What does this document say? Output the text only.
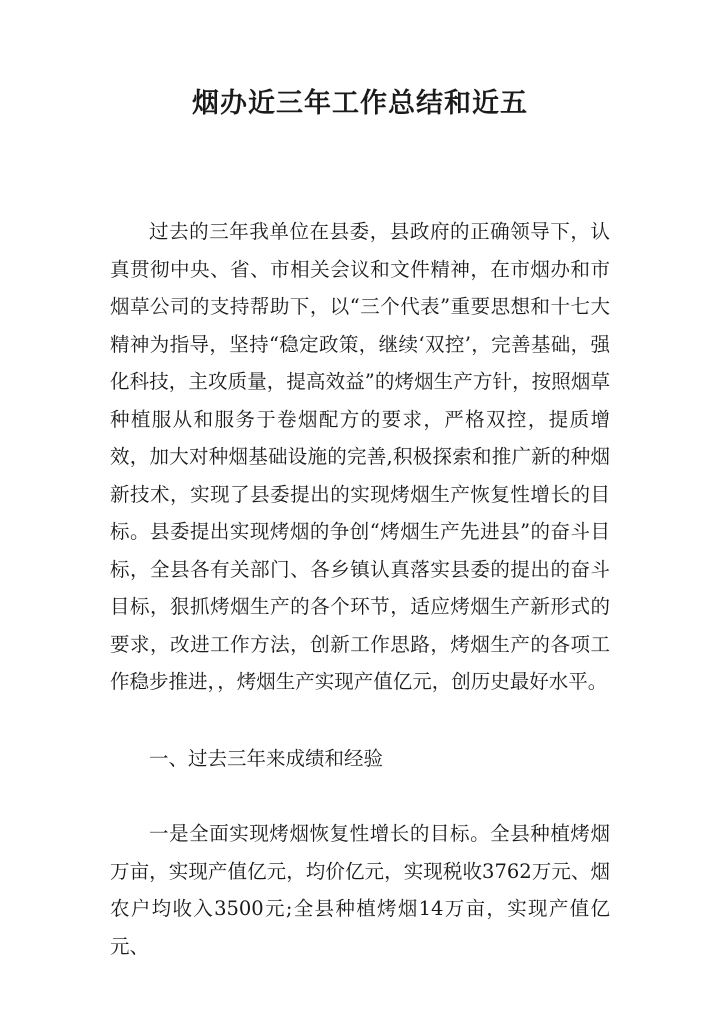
烟办近三年工作总结和近五

过去的三年我单位在县委，县政府的正确领导下，认真贯彻中央、省、市相关会议和文件精神，在市烟办和市烟草公司的支持帮助下，以“三个代表”重要思想和十七大精神为指导，坚持“稳定政策，继续‘双控’，完善基础，强化科技，主攻质量，提高效益”的烤烟生产方针，按照烟草种植服从和服务于卷烟配方的要求，严格双控，提质增效，加大对种烟基础设施的完善,积极探索和推广新的种烟新技术，实现了县委提出的实现烤烟生产恢复性增长的目标。县委提出实现烤烟的争创“烤烟生产先进县”的奋斗目标，全县各有关部门、各乡镇认真落实县委的提出的奋斗目标，狠抓烤烟生产的各个环节，适应烤烟生产新形式的要求，改进工作方法，创新工作思路，烤烟生产的各项工作稳步推进，，烤烟生产实现产值亿元，创历史最好水平。

一、过去三年来成绩和经验

一是全面实现烤烟恢复性增长的目标。全县种植烤烟万亩，实现产值亿元，均价亿元，实现税收3762万元、烟农户均收入3500元;全县种植烤烟14万亩，实现产值亿元、
